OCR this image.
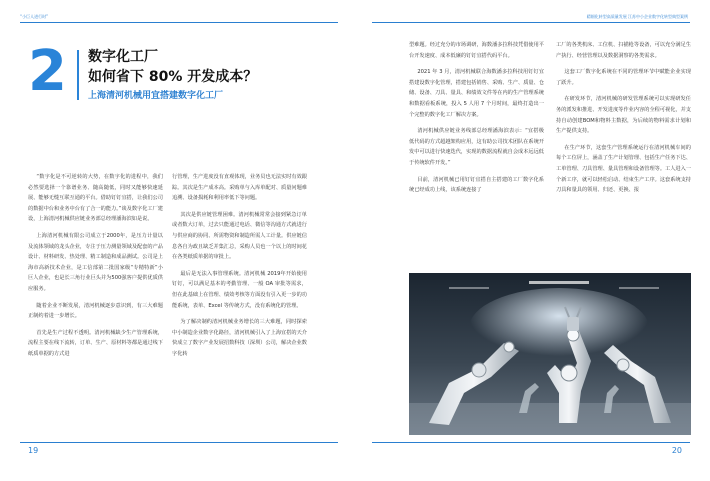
“小巨人进行时”	精细化转型高质量发展 江苏中小企业数字化转型典型案例
2 数字化工厂
如何省下 80% 开发成本？
上海清河机械用宜搭建数字化工厂

“数字化是不可逆转的大势，在数字化的进程中，我们必然要选择一个靠谱业务、随高随低，同时又能够快速延展、能够无缝互联互通的平台。借助钉钉宜搭，让我们公司的数据中台和业务中台有了合一的能力。”谈及数字化工厂建设，上海清河机械供应链业务部总经理潘海滨如是说。

上海清河机械有限公司成立于2000年，是压力计量以及流体领域的龙头企业，专注于压力测量领域及配套的产品设计、材料研发、热处理、精工制造和成品测试。公司是上海市高新技术企业，是工信部第二批国家级“专精特新”小巨人企业，也是长三角行业巨头并为500强客户提供优质供应服务。

随着企业不断发展，清河机械逐步意识到，有三大难题正制约着进一步增长。

首先是生产过程不透明。清河机械缺少生产管理系统，流程主要在线下流转，订单、生产、原材料等都是通过线下纸质单据的方式进

行管理，生产进度没有直观体现，业务员也无法实时有效跟踪。其次是生产成本高。采购单与入库单配对、质量问题难追溯、设备损耗和利用率低下等问题。

其次是供应链管理困难。清河机械常常会接到紧急订单或者数大订单，过去只能通过电话、微信等沟通方式就进行与供应商的协同、所需物资和制造所需人工计量。供应链信息各自为政且缺乏并集汇总，采购人员也一个以上的时间花在各类纸质单据的审批上。

最后是无法入事管理系统。清河机械 2019年开始使用钉钉，可以满足基本的考勤管理、一般 OA 审批等需求，但在此基础上在管理、绩效考核等方面没有引入更一步的功能系统，表单、Excel 等传统方式，没有系统化的管理。

为了解决制约清河机械业务增长的三大难题，同时探索中小制造企业数字化路径，清河机械引入了上海宜搭的天介快成立了数字产业发展招数科技（深圳）公司，解决企业数字化转

型难题。经过充分的市场调研，海数潘多拉科技凭借使用平台开发速度、成本低廉的钉钉宜搭代码平台。

2021 年 3 月，清河机械联合海数潘多拉科技用钉钉宜搭建设数字化管理，搭建包括销售、采购、生产、质量、仓储、设备、刀具、量具、和绩效文件等在内的生产管理系统和数据看板系统，投入 5 人用 7 个月时间，最终打造出一个完整的数字化工厂解决方案。

清河机械供应链业务线部总经理潘海滨表示：“宜搭极低代码的方式超越架构应用，这有助公司技术团队在系统开发中可以进行快速迭代，实现的数据流程就自会成本远远低于传统软件开发。”

目前，清河机械已用钉钉宜搭自主搭建的工厂数字化系统已经成功上线，该系统连接了

工厂的各类机床、工位机、扫描枪等设备，可以充分满足生产执行、经营管理以及数据洞察的各类需求。

这套工厂数字化系统在不同的管理环节中赋能企业实现了跃升。

在研发环节，清河机械的研发管理系统可以实现研发任务的派发和推进、开发进度等作业内容的全程可视化，并支持自动创建BOM和物料主数据，为后续的物料需求计划和生产提供支持。

在生产环节，这套生产管理系统运行在清河机械车间的每个工位屏上，涵盖了生产计划管理、包括生产任务下达、工单管理、刀具管理、量具管理和设备管理等。工人进入一个新工序，就可以轻松启动、结束生产工序。这套系统支持刀具和量具的领用、归还、更换、报

19	20
